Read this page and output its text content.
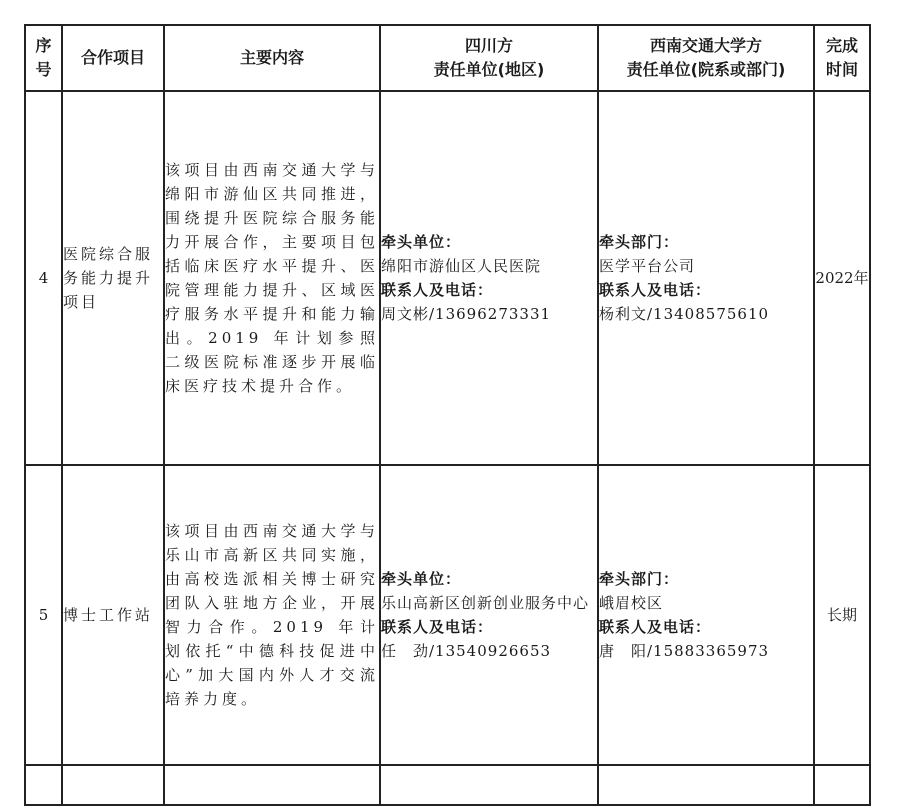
序
号	合作项目	主要内容	四川方
责任单位(地区)	西南交通大学方
责任单位(院系或部门)	完成
时间

4	医院综合服务能力提升项目	该项目由西南交通大学与绵阳市游仙区共同推进，围绕提升医院综合服务能力开展合作，主要项目包括临床医疗水平提升、医院管理能力提升、区域医疗服务水平提升和能力输出。2019 年计划参照二级医院标准逐步开展临床医疗技术提升合作。	牵头单位：
绵阳市游仙区人民医院
联系人及电话：
周文彬/13696273331	牵头部门：
医学平台公司
联系人及电话：
杨利文/13408575610	2022年
5	博士工作站	该项目由西南交通大学与乐山市高新区共同实施，由高校选派相关博士研究团队入驻地方企业，开展智力合作。2019 年计划依托“中德科技促进中心”加大国内外人才交流培养力度。	牵头单位：
乐山高新区创新创业服务中心
联系人及电话：
任　劲/13540926653	牵头部门：
峨眉校区
联系人及电话：
唐　阳/15883365973	长期
